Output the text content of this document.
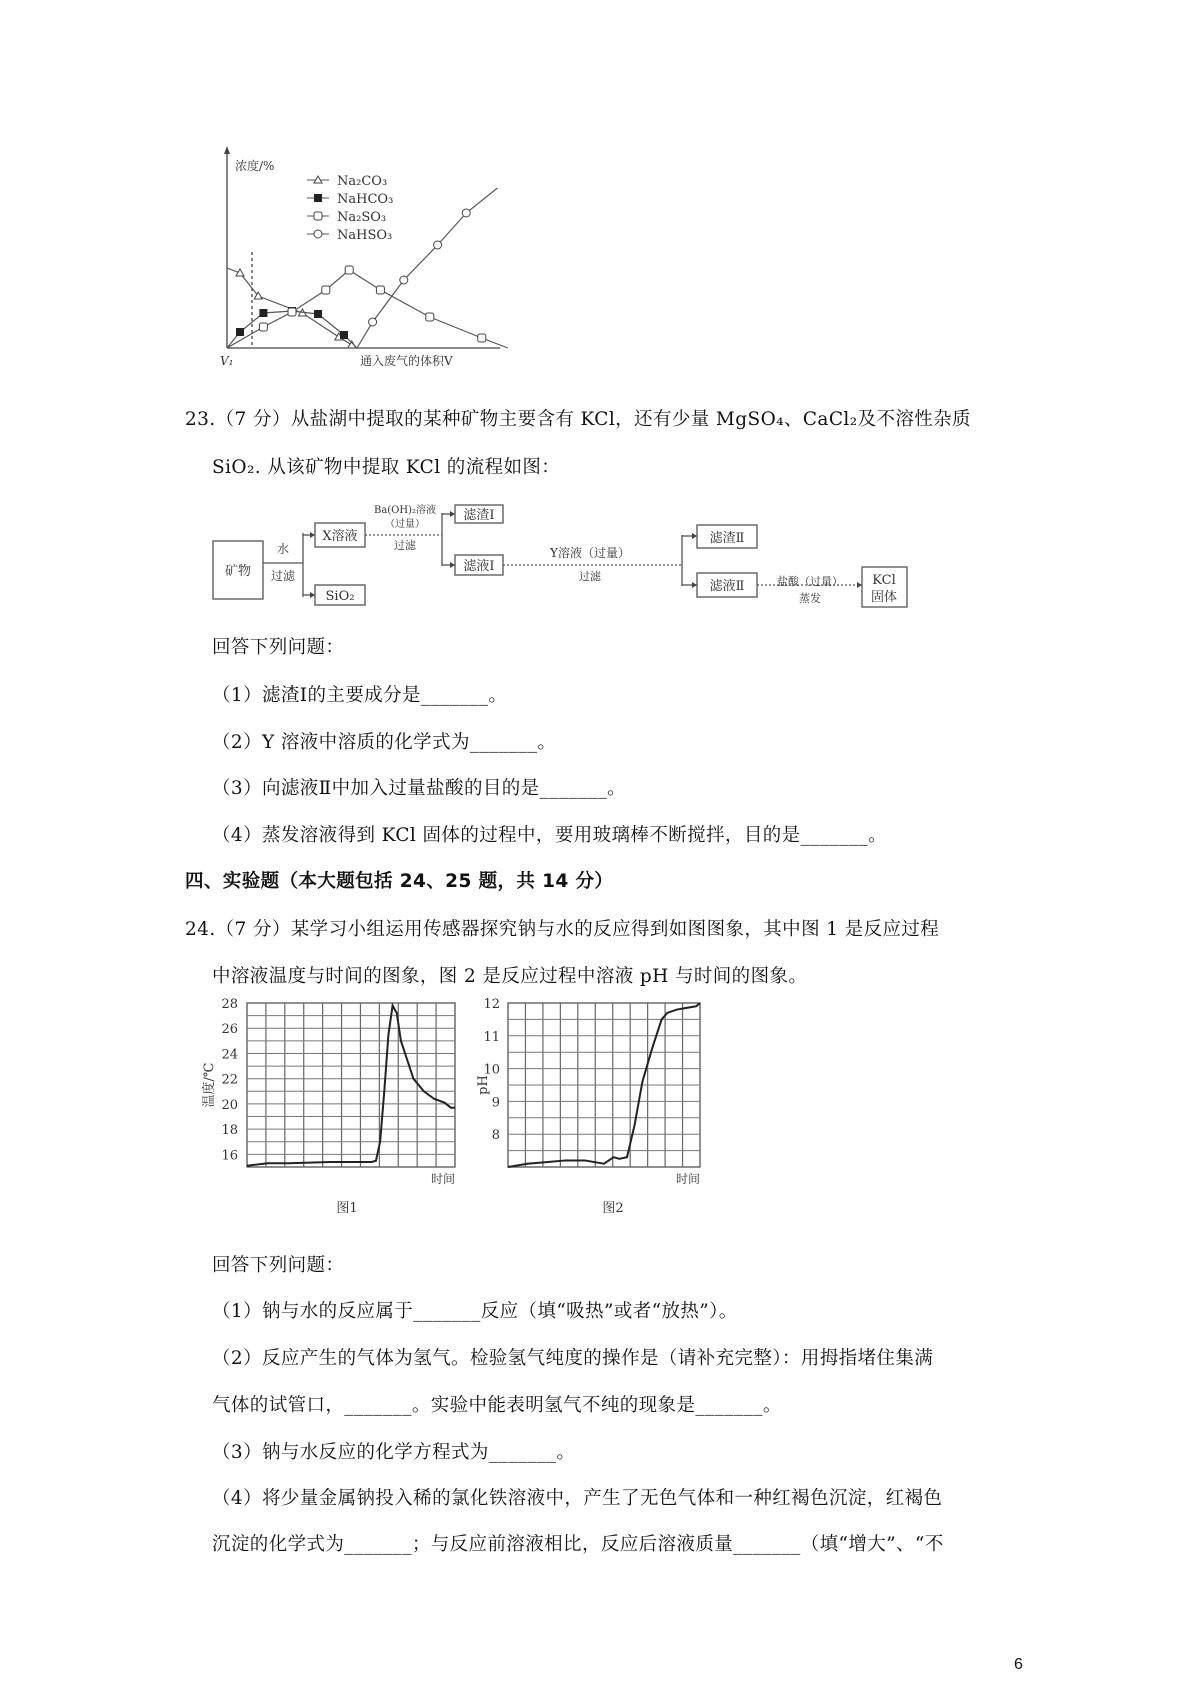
浓度/%
通入废气的体积V
V₁
Na₂CO₃
NaHCO₃
Na₂SO₃
NaHSO₃
23.（7 分）从盐湖中提取的某种矿物主要含有 KCl，还有少量 MgSO₄、CaCl₂及不溶性杂质
SiO₂. 从该矿物中提取 KCl 的流程如图：
矿物
水
过滤
X溶液
SiO₂
Ba(OH)₂溶液
（过量）
过滤
滤渣Ⅰ
滤液Ⅰ
Y溶液（过量）
过滤
滤渣Ⅱ
滤液Ⅱ	盐酸（过量）
蒸发
KCl
固体
回答下列问题：
（1）滤渣Ⅰ的主要成分是_______。
（2）Y 溶液中溶质的化学式为_______。
（3）向滤液Ⅱ中加入过量盐酸的目的是_______。
（4）蒸发溶液得到 KCl 固体的过程中，要用玻璃棒不断搅拌，目的是_______。
四、实验题（本大题包括 24、25 题，共 14 分）
24.（7 分）某学习小组运用传感器探究钠与水的反应得到如图图象，其中图 1 是反应过程
中溶液温度与时间的图象，图 2 是反应过程中溶液 pH 与时间的图象。
16
18
20
22
24
26
28
时间
图1
温度/℃
8
9
10
11
12
时间
图2
pH
回答下列问题：
（1）钠与水的反应属于_______反应（填“吸热”或者“放热”）。
（2）反应产生的气体为氢气。检验氢气纯度的操作是（请补充完整）：用拇指堵住集满
气体的试管口，_______。实验中能表明氢气不纯的现象是_______。
（3）钠与水反应的化学方程式为_______。
（4）将少量金属钠投入稀的氯化铁溶液中，产生了无色气体和一种红褐色沉淀，红褐色
沉淀的化学式为_______；与反应前溶液相比，反应后溶液质量_______（填“增大”、“不
6
